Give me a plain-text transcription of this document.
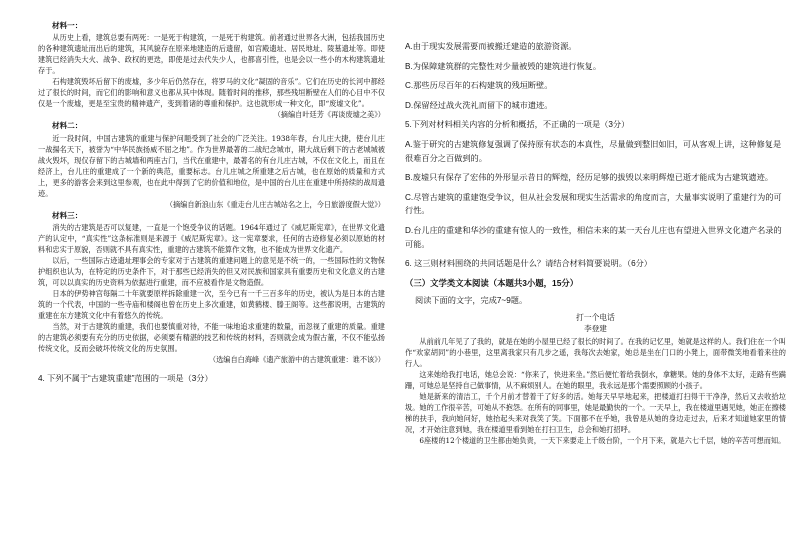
材料一：

从历史上看，建筑总要有两死：一是死于构建筑，一是死于构建筑。前者通过世界各大洲，包括我国历史的各种建筑遗址而出后的建筑，其风貌存在原来地建造的后遗留，如宫殿遗址、居民地址、陵墓遗址等。即使建筑已经消失大火、战争、政权的更迭，即使是过去代失少人，也都喜引性，也是会以一些小的木构建筑遗址存于。

石构建筑毁坏后留下的废墟，多少年后仍然存在，将罗马的文化“凝固的音乐”。它们在历史的长河中都经过了很长的时间，而它们的影响和意义也都从其中体现。随着时间的推移，那些残垣断壁在人们的心目中不仅仅是一个废墟，更是至宝贵的精神遗产，变到着诸的尊重和保护。这也就形成一种文化，即“废墟文化”。

（摘编自叶廷芳《再谈废墟之美》）

材料二：

近一段时间，中国古建筑的重建与保护问题受到了社会的广泛关注。1938年春，台儿庄大捷，使台儿庄一战揚名天下，被誉为“中华民族扬威不屈之地”。作为世界最著的二战纪念城市，期大战后剩下的古老城城被战火毁坏，现仅存留下的古城墙和两座古门，当代在重建中，最著名的有台儿庄古城，不仅在文化上，而且在经济上，台儿庄的重建成了一个新的典范，重要标志。台儿庄城之所重建之后古城，也在原始的质量和方式上，更多的游客会来到这里参观，也在此中得到了它的价值和地位，是中国的台儿庄在重建中所持续的战局遗迹。

（摘编自新浪山东《重走台儿庄古城站名之上，今日旅游度假大觉》）

材料三：

消失的古建筑是否可以复建，一直是一个饱受争议的话题。1964年通过了《威尼斯宪章》，在世界文化遗产的认定中，“真实性”这条标准则是来源于《威尼斯宪章》。这一宪章要求，任何的古迹修复必须以原始的材料和忠实于原貌，否则就不具有真实性，重建的古建筑不能算作文物，也不能成为世界文化遗产。

以后，一些国际古迹遗址理事会的专家对于古建筑的重建问题上的意见是不统一的，一些国际性的文物保护组织也认为，在特定的历史条件下，对于那些已经消失的但又对民族和国家具有重要历史和文化意义的古建筑，可以以真实的历史资料为依据进行重建，而不应被看作是文物造假。

日本的伊势神宫每隔二十年就要原样拆除重建一次，至今已有一千三百多年的历史，被认为是日本的古建筑的一个代表，中国的一些寺庙和楼阁也曾在历史上多次重建，如黄鹤楼、滕王阁等。这些都说明，古建筑的重建在东方建筑文化中有着悠久的传统。

当然，对于古建筑的重建，我们也要慎重对待，不能一味地追求重建的数量，而忽视了重建的质量。重建的古建筑必须要有充分的历史依据，必须要有精湛的技艺和传统的材料，否则就会成为假古董，不仅不能弘扬传统文化，反而会破坏传统文化的历史氛围。

（选编自白海峰《遗产旅游中的古建筑重建：谁不该》）

4. 下列不属于“古建筑重建”范围的一项是（3分）

A.由于现实发展需要而被搬迁建造的旅游资源。

B.为保障建筑群的完整性对少量被毁的建筑进行恢复。

C.那些历尽百年的石构建筑的残垣断壁。

D.保留经过战火洗礼而留下的城市遗迹。

5.下列对材料相关内容的分析和概括，不正确的一项是（3分）

A.鉴于研究的古建筑修复强调了保持原有状态的本真性，尽量做到整旧如旧，可从客观上讲，这种修复是很难百分之百做到的。

B.废墟只有保存了宏伟的外形显示昔日的辉煌，经历足够的拔毁以来明辉煌已逝才能成为古建筑遗迹。

C.尽管古建筑的重建饱受争议，但从社会发展和现实生活需求的角度而言，大量事实说明了重建行为的可行性。

D.台儿庄的重建和华沙的重建有惊人的一致性，相信未来的某一天台儿庄也有望进入世界文化遗产名录的可能。

6. 这三则材料围绕的共同话题是什么？请结合材料简要说明。（6分）

（三）文学类文本阅读（本题共3小题，15分）
阅读下面的文字，完成7~9题。

打一个电话

李登建

从前前几年见了了我的，就是在她的小屋里已经了很长的时间了。在我的记忆里，她就是这样的人。我们住在一个叫作“欢家胡同”的小巷里，这里离我家只有几步之遥，我每次去她家，她总是坐在门口的小凳上，面带微笑地看着来往的行人。

这来她给我打电话，她总会说：“你来了，快进来坐。”然后便忙着给我倒水，拿糖果。她的身体不太好，走路有些蹒跚，可她总是坚持自己做事情，从不麻烦别人。在她的眼里，我永远是那个需要照顾的小孩子。

她是新来的清洁工，千个月前才替着干了好多的活。她每天早早地起来，把楼道打扫得干干净净，然后又去收拾垃圾。她的工作很辛苦，可她从不抱怨。在所有的同事里，她是最勤快的一个。一天早上，我在楼道里遇见她，她正在擦楼梯的扶手，我向她问好，她抬起头来对我笑了笑。下面都不在乎她，我曾是从她的身边走过去，后来才知道她家里的情况，才开始注意到她，我在楼道里看到她在打扫卫生，总会和她打招呼。

6座楼的12个楼道的卫生都由她负责，一天下来要走上千级台阶，一个月下来，就是六七千层，她的辛苦可想而知。
